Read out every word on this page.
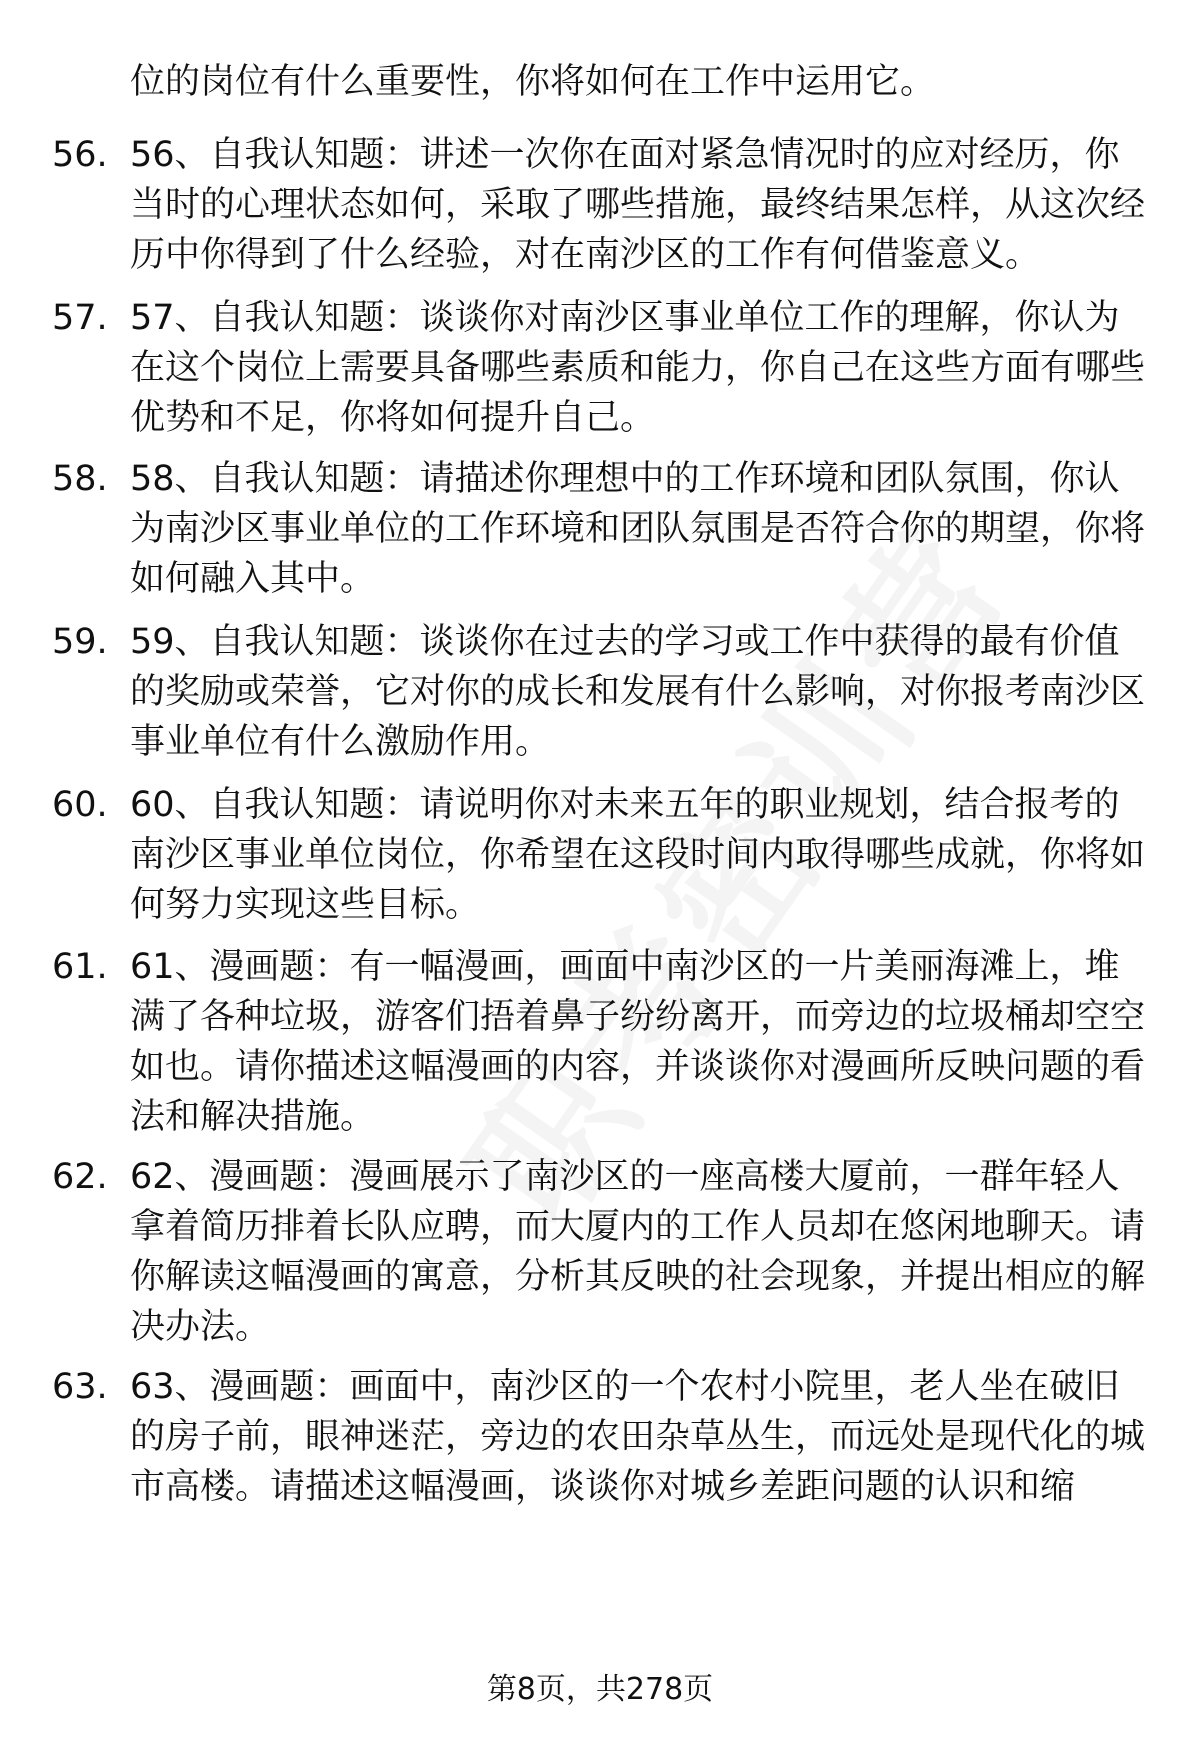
位的岗位有什么重要性，你将如何在工作中运用它。
56. 56、自我认知题：讲述一次你在面对紧急情况时的应对经历，你当时的心理状态如何，采取了哪些措施，最终结果怎样，从这次经历中你得到了什么经验，对在南沙区的工作有何借鉴意义。
57. 57、自我认知题：谈谈你对南沙区事业单位工作的理解，你认为在这个岗位上需要具备哪些素质和能力，你自己在这些方面有哪些优势和不足，你将如何提升自己。
58. 58、自我认知题：请描述你理想中的工作环境和团队氛围，你认为南沙区事业单位的工作环境和团队氛围是否符合你的期望，你将如何融入其中。
59. 59、自我认知题：谈谈你在过去的学习或工作中获得的最有价值的奖励或荣誉，它对你的成长和发展有什么影响，对你报考南沙区事业单位有什么激励作用。
60. 60、自我认知题：请说明你对未来五年的职业规划，结合报考的南沙区事业单位岗位，你希望在这段时间内取得哪些成就，你将如何努力实现这些目标。
61. 61、漫画题：有一幅漫画，画面中南沙区的一片美丽海滩上，堆满了各种垃圾，游客们捂着鼻子纷纷离开，而旁边的垃圾桶却空空如也。请你描述这幅漫画的内容，并谈谈你对漫画所反映问题的看法和解决措施。
62. 62、漫画题：漫画展示了南沙区的一座高楼大厦前，一群年轻人拿着简历排着长队应聘，而大厦内的工作人员却在悠闲地聊天。请你解读这幅漫画的寓意，分析其反映的社会现象，并提出相应的解决办法。
63. 63、漫画题：画面中，南沙区的一个农村小院里，老人坐在破旧的房子前，眼神迷茫，旁边的农田杂草丛生，而远处是现代化的城市高楼。请描述这幅漫画，谈谈你对城乡差距问题的认识和缩
第8页，共278页
